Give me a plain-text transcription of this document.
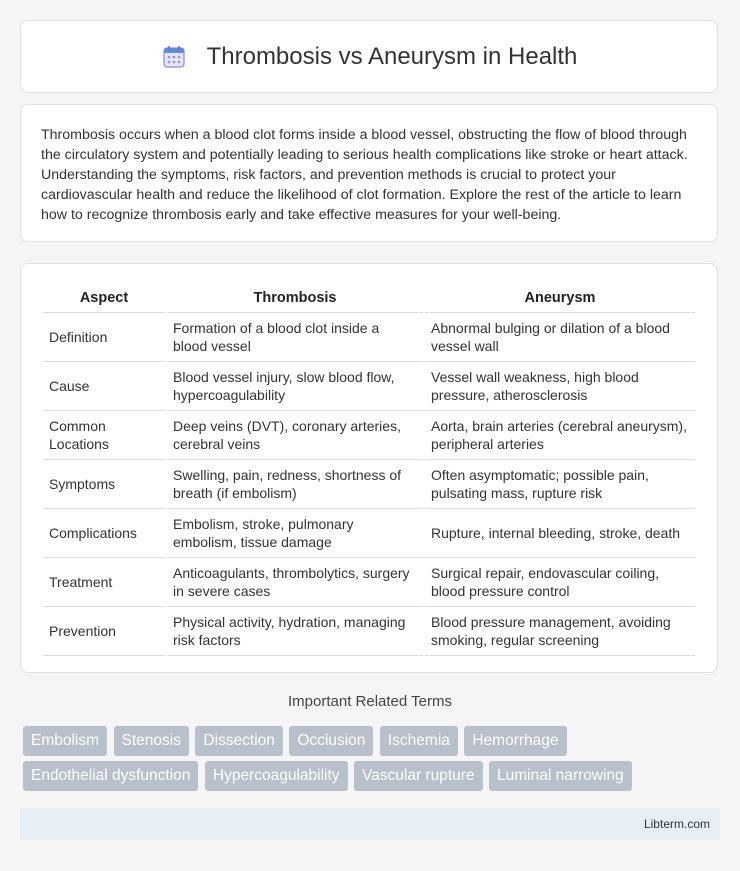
Thrombosis vs Aneurysm in Health

Thrombosis occurs when a blood clot forms inside a blood vessel, obstructing the flow of blood through the circulatory system and potentially leading to serious health complications like stroke or heart attack. Understanding the symptoms, risk factors, and prevention methods is crucial to protect your cardiovascular health and reduce the likelihood of clot formation. Explore the rest of the article to learn how to recognize thrombosis early and take effective measures for your well-being.

Aspect	Thrombosis	Aneurysm
Definition	Formation of a blood clot inside a blood vessel	Abnormal bulging or dilation of a blood vessel wall
Cause	Blood vessel injury, slow blood flow, hypercoagulability	Vessel wall weakness, high blood pressure, atherosclerosis
Common Locations	Deep veins (DVT), coronary arteries, cerebral veins	Aorta, brain arteries (cerebral aneurysm), peripheral arteries
Symptoms	Swelling, pain, redness, shortness of breath (if embolism)	Often asymptomatic; possible pain, pulsating mass, rupture risk
Complications	Embolism, stroke, pulmonary embolism, tissue damage	Rupture, internal bleeding, stroke, death
Treatment	Anticoagulants, thrombolytics, surgery in severe cases	Surgical repair, endovascular coiling, blood pressure control
Prevention	Physical activity, hydration, managing risk factors	Blood pressure management, avoiding smoking, regular screening
Important Related Terms
Embolism Stenosis Dissection Occlusion Ischemia Hemorrhage Endothelial dysfunction Hypercoagulability Vascular rupture Luminal narrowing
Libterm.com
